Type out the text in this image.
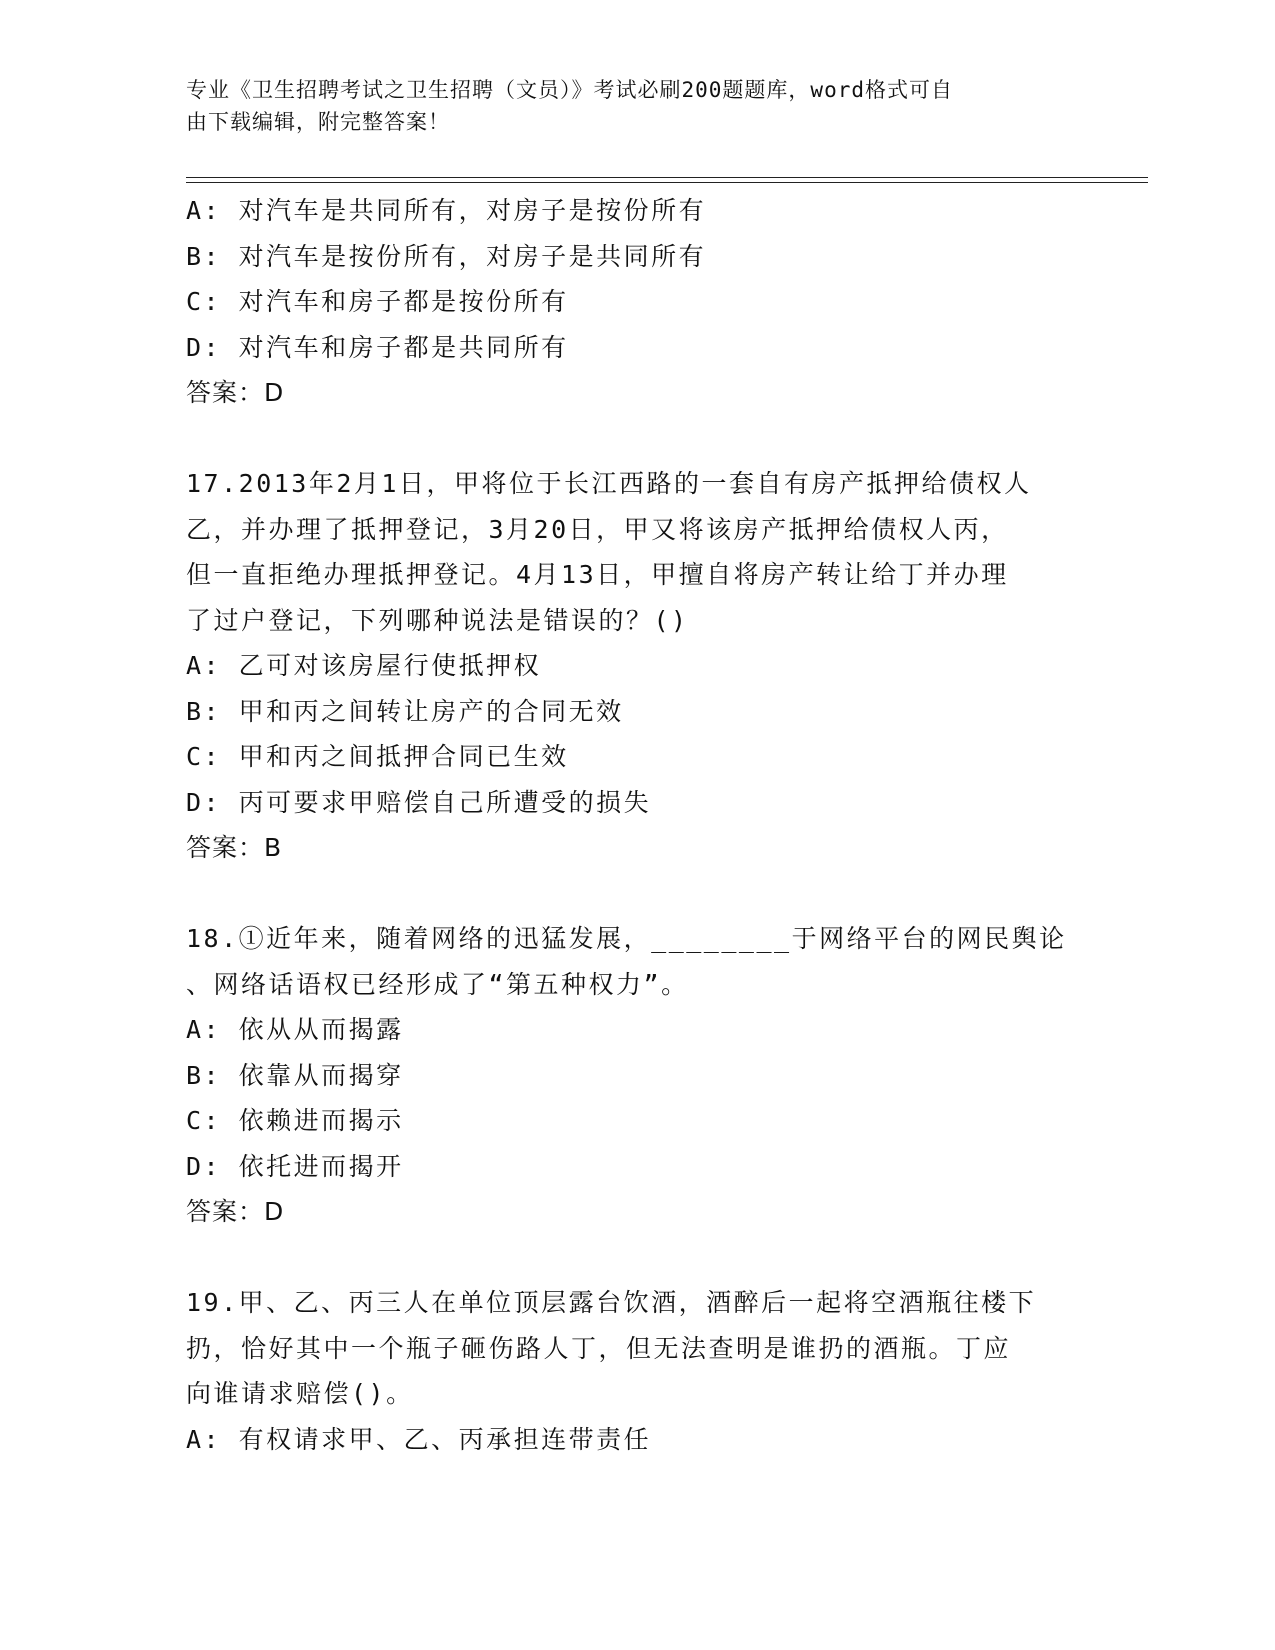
专业《卫生招聘考试之卫生招聘（文员）》考试必刷200题题库，word格式可自
由下载编辑，附完整答案！
A: 对汽车是共同所有，对房子是按份所有
B: 对汽车是按份所有，对房子是共同所有
C: 对汽车和房子都是按份所有
D: 对汽车和房子都是共同所有
答案：D
17.2013年2月1日，甲将位于长江西路的一套自有房产抵押给债权人
乙，并办理了抵押登记，3月20日，甲又将该房产抵押给债权人丙，
但一直拒绝办理抵押登记。4月13日，甲擅自将房产转让给丁并办理
了过户登记，下列哪种说法是错误的？()
A: 乙可对该房屋行使抵押权
B: 甲和丙之间转让房产的合同无效
C: 甲和丙之间抵押合同已生效
D: 丙可要求甲赔偿自己所遭受的损失
答案：B
18.①近年来，随着网络的迅猛发展，________于网络平台的网民舆论
、网络话语权已经形成了“第五种权力”。
A: 依从从而揭露
B: 依靠从而揭穿
C: 依赖进而揭示
D: 依托进而揭开
答案：D
19.甲、乙、丙三人在单位顶层露台饮酒，酒醉后一起将空酒瓶往楼下
扔，恰好其中一个瓶子砸伤路人丁，但无法查明是谁扔的酒瓶。丁应
向谁请求赔偿()。
A: 有权请求甲、乙、丙承担连带责任
